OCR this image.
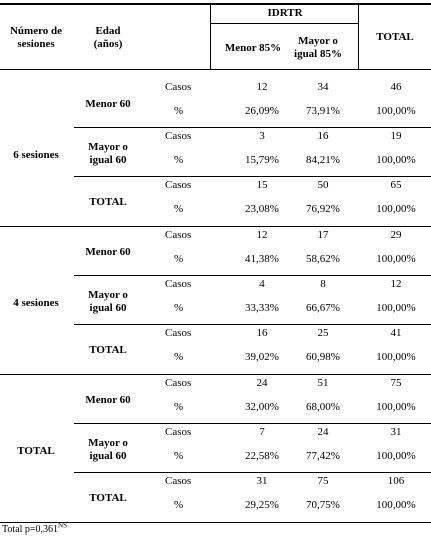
Número de
sesiones
Edad
(años)
IDRTR
Menor 85%
Mayor o
igual 85%
TOTAL
Total $p=0,361^{NS}$
6 sesiones
Menor 60
Casos	12	34	46
%	26,09% 73,91%	100,00%
Mayor o
igual 60
Casos	3	16	19
%	15,79% 84,21%	100,00%
TOTAL
Casos	15	50	65
%	23,08% 76,92%	100,00%
4 sesiones
Menor 60
Casos	12	17	29
%	41,38% 58,62%	100,00%
Mayor o
igual 60
Casos	4	8	12
%	33,33% 66,67%	100,00%
TOTAL
Casos	16	25	41
%	39,02% 60,98%	100,00%
TOTAL
Menor 60
Casos	24	51	75
%	32,00% 68,00%	100,00%
Mayor o
igual 60
Casos	7	24	31
%	22,58% 77,42%	100,00%
TOTAL
Casos	31	75	106
%	29,25% 70,75%	100,00%
